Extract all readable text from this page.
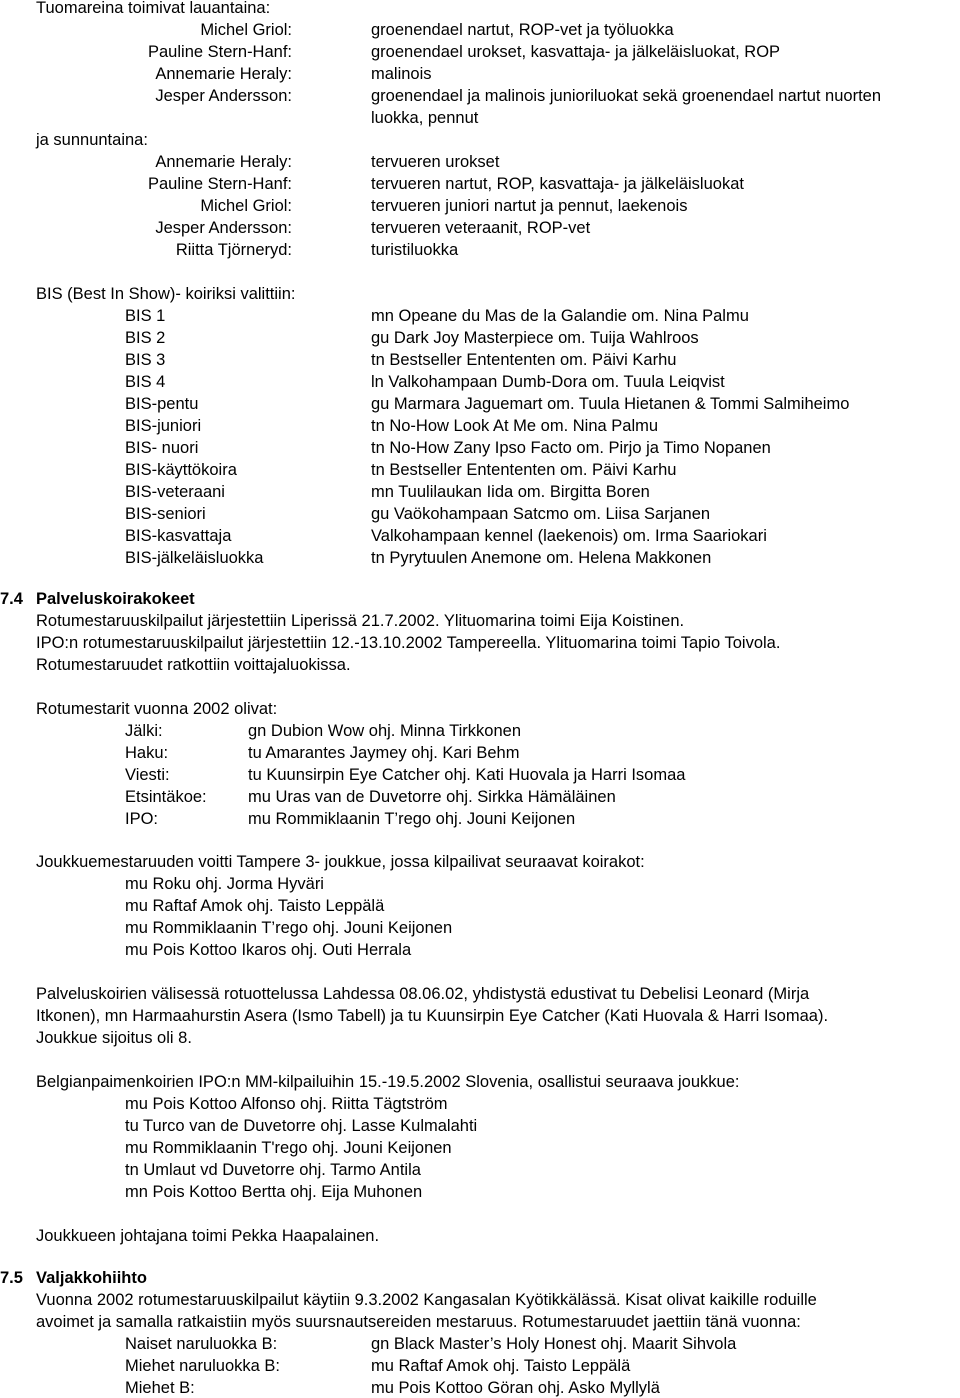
Tuomareina toimivat lauantaina:
Michel Griol:	groenendael nartut, ROP-vet ja työluokka
Pauline Stern-Hanf:	groenendael urokset, kasvattaja- ja jälkeläisluokat, ROP
Annemarie Heraly:	malinois
Jesper Andersson:	groenendael ja malinois junioriluokat sekä groenendael nartut nuorten
luokka, pennut
ja sunnuntaina:
Annemarie Heraly:	tervueren urokset
Pauline Stern-Hanf:	tervueren nartut, ROP, kasvattaja- ja jälkeläisluokat
Michel Griol:	tervueren juniori nartut ja pennut, laekenois
Jesper Andersson:	tervueren veteraanit, ROP-vet
Riitta Tjörneryd:	turistiluokka
BIS (Best In Show)- koiriksi valittiin:
BIS 1	mn Opeane du Mas de la Galandie om. Nina Palmu
BIS 2	gu Dark Joy Masterpiece om. Tuija Wahlroos
BIS 3	tn Bestseller Entententen om. Päivi Karhu
BIS 4	ln Valkohampaan Dumb-Dora om. Tuula Leiqvist
BIS-pentu	gu Marmara Jaguemart om. Tuula Hietanen & Tommi Salmiheimo
BIS-juniori	tn No-How Look At Me om. Nina Palmu
BIS- nuori	tn No-How Zany Ipso Facto om. Pirjo ja Timo Nopanen
BIS-käyttökoira	tn Bestseller Entententen om. Päivi Karhu
BIS-veteraani	mn Tuulilaukan Iida om. Birgitta Boren
BIS-seniori	gu Vaökohampaan Satcmo om. Liisa Sarjanen
BIS-kasvattaja	Valkohampaan kennel (laekenois) om. Irma Saariokari
BIS-jälkeläisluokka	tn Pyrytuulen Anemone om. Helena Makkonen
7.4 Palveluskoirakokeet
Rotumestaruuskilpailut järjestettiin Liperissä 21.7.2002. Ylituomarina toimi Eija Koistinen.
IPO:n rotumestaruuskilpailut järjestettiin 12.-13.10.2002 Tampereella. Ylituomarina toimi Tapio Toivola.
Rotumestaruudet ratkottiin voittajaluokissa.
Rotumestarit vuonna 2002 olivat:
Jälki:	gn Dubion Wow ohj. Minna Tirkkonen
Haku:	tu Amarantes Jaymey ohj. Kari Behm
Viesti:	tu Kuunsirpin Eye Catcher ohj. Kati Huovala ja Harri Isomaa
Etsintäkoe:	mu Uras van de Duvetorre ohj. Sirkka Hämäläinen
IPO:	mu Rommiklaanin T’rego ohj. Jouni Keijonen
Joukkuemestaruuden voitti Tampere 3- joukkue, jossa kilpailivat seuraavat koirakot:
mu Roku ohj. Jorma Hyväri
mu Raftaf Amok ohj. Taisto Leppälä
mu Rommiklaanin T’rego ohj. Jouni Keijonen
mu Pois Kottoo Ikaros ohj. Outi Herrala
Palveluskoirien välisessä rotuottelussa Lahdessa 08.06.02, yhdistystä edustivat tu Debelisi Leonard (Mirja
Itkonen), mn Harmaahurstin Asera (Ismo Tabell) ja tu Kuunsirpin Eye Catcher (Kati Huovala & Harri Isomaa).
Joukkue sijoitus oli 8.
Belgianpaimenkoirien IPO:n MM-kilpailuihin 15.-19.5.2002 Slovenia, osallistui seuraava joukkue:
mu Pois Kottoo Alfonso ohj. Riitta Tägtström
tu Turco van de Duvetorre ohj. Lasse Kulmalahti
mu Rommiklaanin T'rego ohj. Jouni Keijonen
tn Umlaut vd Duvetorre ohj. Tarmo Antila
mn Pois Kottoo Bertta ohj. Eija Muhonen
Joukkueen johtajana toimi Pekka Haapalainen.
7.5 Valjakkohiihto
Vuonna 2002 rotumestaruuskilpailut käytiin 9.3.2002 Kangasalan Kyötikkälässä. Kisat olivat kaikille roduille
avoimet ja samalla ratkaistiin myös suursnautsereiden mestaruus. Rotumestaruudet jaettiin tänä vuonna:
Naiset naruluokka B:	gn Black Master’s Holy Honest ohj. Maarit Sihvola
Miehet naruluokka B:	mu Raftaf Amok ohj. Taisto Leppälä
Miehet B:	mu Pois Kottoo Göran ohj. Asko Myllylä
